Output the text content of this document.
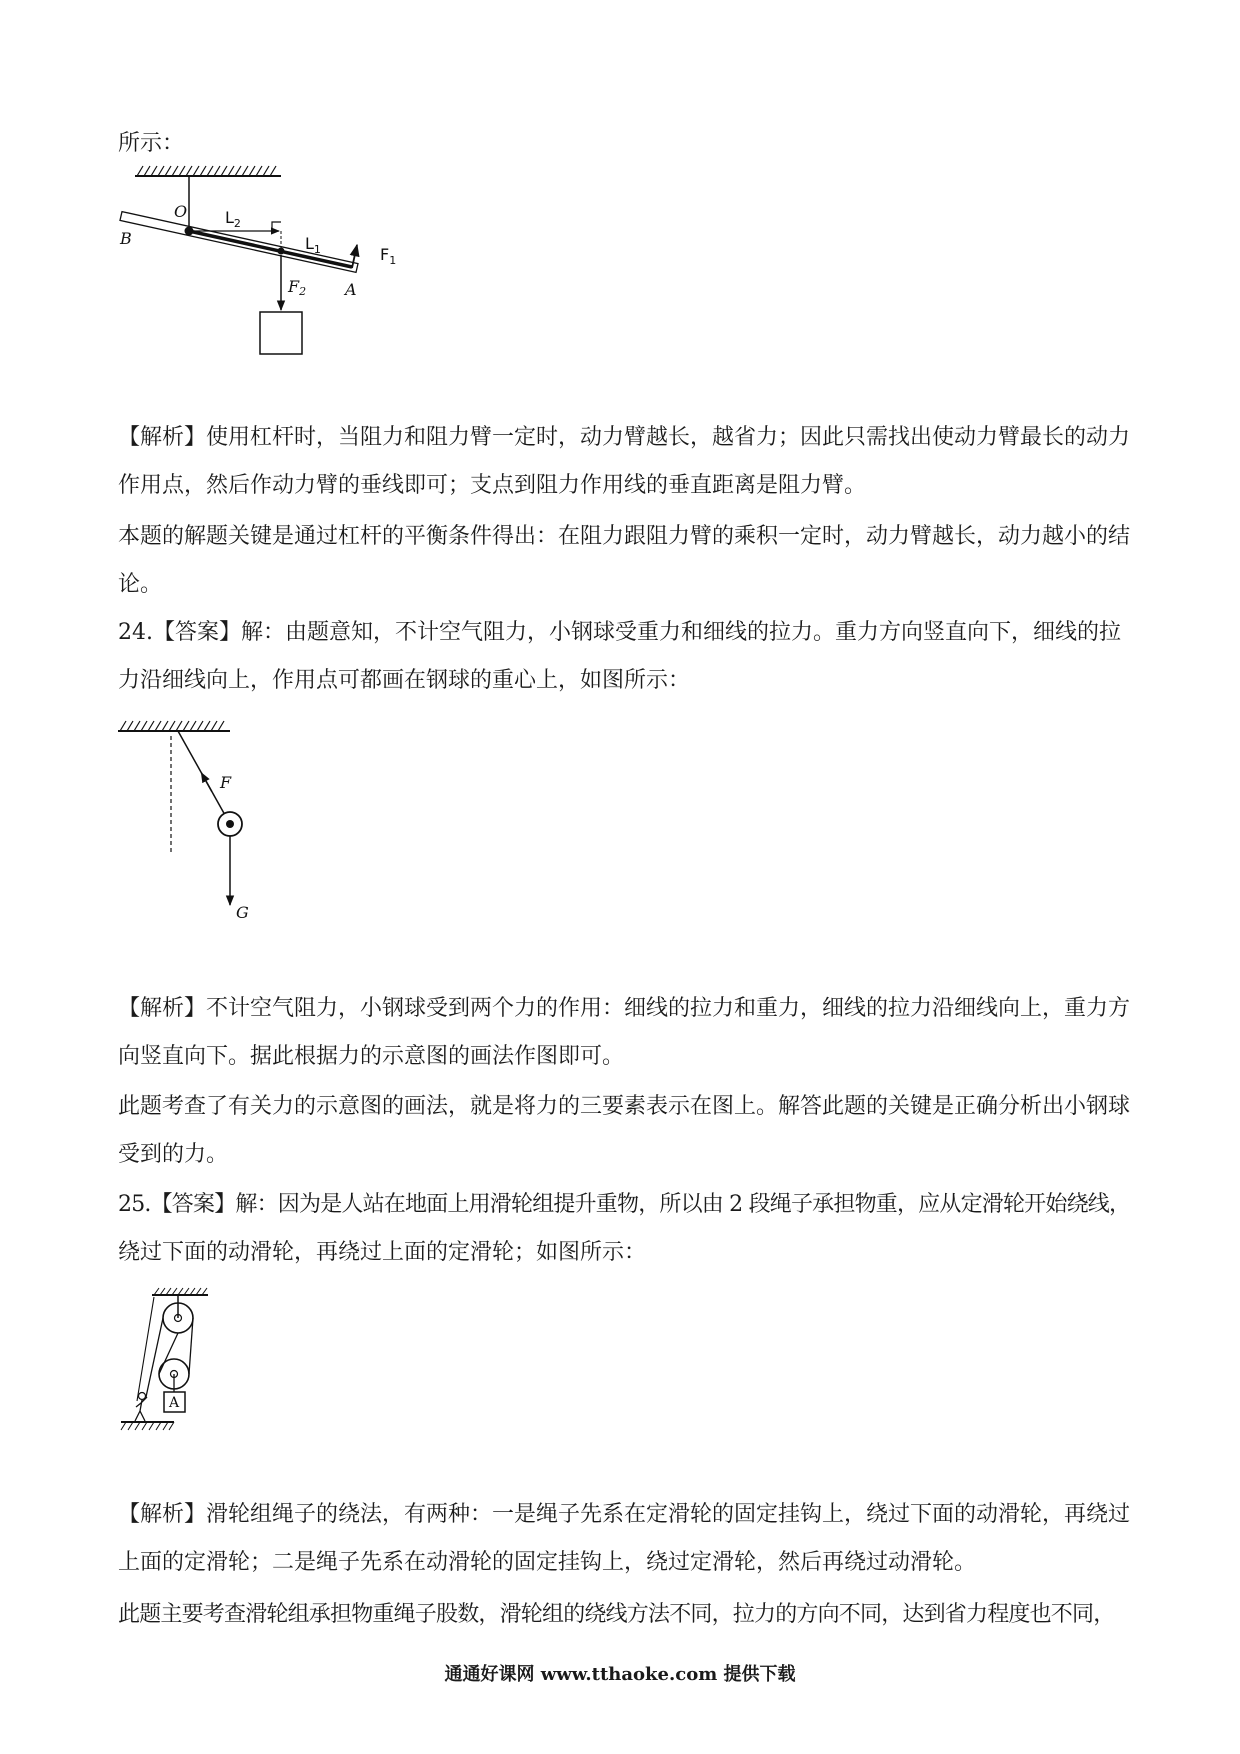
所示：
O
B
A
$L_2$
$L_1$	$F_1$
F2
【解析】使用杠杆时，当阻力和阻力臂一定时，动力臂越长，越省力；因此只需找出使动力臂最长的动力
作用点，然后作动力臂的垂线即可；支点到阻力作用线的垂直距离是阻力臂。
本题的解题关键是通过杠杆的平衡条件得出：在阻力跟阻力臂的乘积一定时，动力臂越长，动力越小的结
论。
24.【答案】解：由题意知，不计空气阻力，小钢球受重力和细线的拉力。重力方向竖直向下，细线的拉
力沿细线向上，作用点可都画在钢球的重心上，如图所示：
F
G
【解析】不计空气阻力，小钢球受到两个力的作用：细线的拉力和重力，细线的拉力沿细线向上，重力方
向竖直向下。据此根据力的示意图的画法作图即可。
此题考查了有关力的示意图的画法，就是将力的三要素表示在图上。解答此题的关键是正确分析出小钢球
受到的力。
25.【答案】解：因为是人站在地面上用滑轮组提升重物，所以由 2 段绳子承担物重，应从定滑轮开始绕线，
绕过下面的动滑轮，再绕过上面的定滑轮；如图所示：
A
【解析】滑轮组绳子的绕法，有两种：一是绳子先系在定滑轮的固定挂钩上，绕过下面的动滑轮，再绕过
上面的定滑轮；二是绳子先系在动滑轮的固定挂钩上，绕过定滑轮，然后再绕过动滑轮。
此题主要考查滑轮组承担物重绳子股数，滑轮组的绕线方法不同，拉力的方向不同，达到省力程度也不同，
通通好课网 www.tthaoke.com 提供下载
